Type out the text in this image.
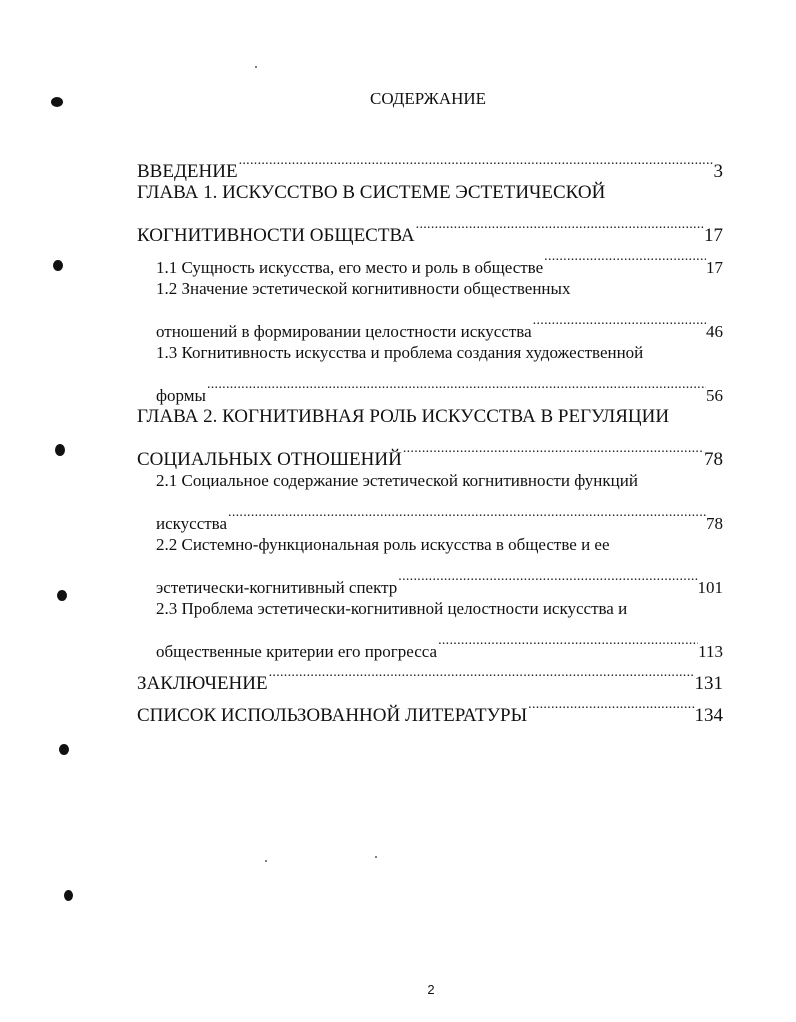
СОДЕРЖАНИЕ
ВВЕДЕНИЕ . . .	3
ГЛАВА 1. ИСКУССТВО В СИСТЕМЕ ЭСТЕТИЧЕСКОЙ
КОГНИТИВНОСТИ ОБЩЕСТВА . . .	17
1.1 Сущность искусства, его место и роль в обществе . . .	17
1.2 Значение эстетической когнитивности общественных
отношений в формировании целостности искусства . . .	46
1.3 Когнитивность искусства и проблема создания художественной
формы . . .	56
ГЛАВА 2. КОГНИТИВНАЯ РОЛЬ ИСКУССТВА В РЕГУЛЯЦИИ
СОЦИАЛЬНЫХ ОТНОШЕНИЙ . . .	78
2.1 Социальное содержание эстетической когнитивности функций
искусства . . .	78
2.2 Системно-функциональная роль искусства в обществе и ее
эстетически-когнитивный спектр . . .	101
2.3 Проблема эстетически-когнитивной целостности искусства и
общественные критерии его прогресса . . .	113
ЗАКЛЮЧЕНИЕ . . .	131
СПИСОК ИСПОЛЬЗОВАННОЙ ЛИТЕРАТУРЫ . . .	134
2
